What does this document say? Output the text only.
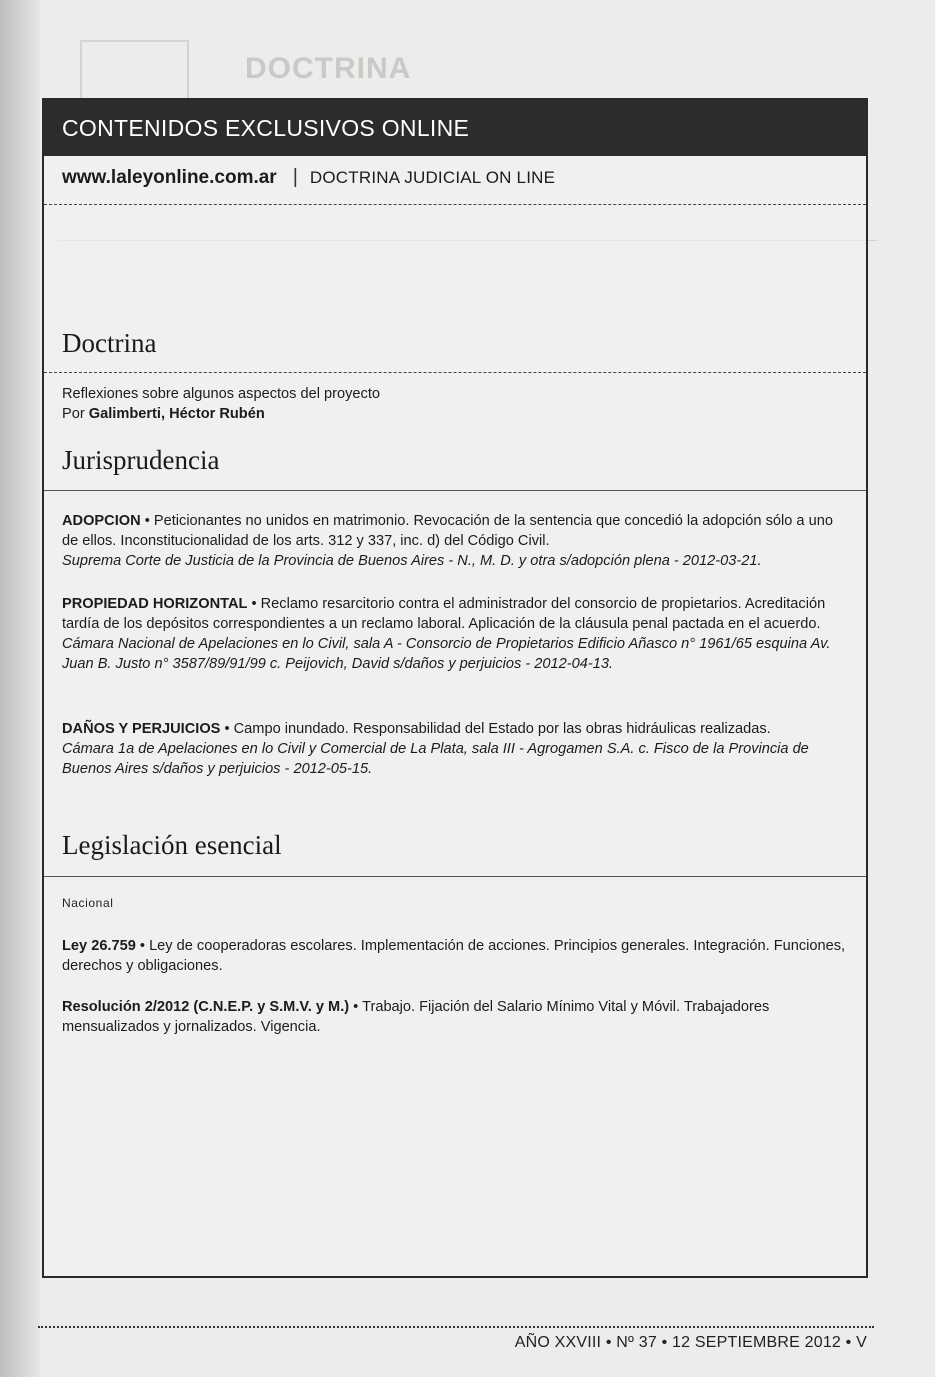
DOCTRINA
CONTENIDOS EXCLUSIVOS ONLINE
www.laleyonline.com.ar | DOCTRINA JUDICIAL ON LINE
Doctrina
Reflexiones sobre algunos aspectos del proyecto
Por Galimberti, Héctor Rubén
Jurisprudencia
ADOPCION • Peticionantes no unidos en matrimonio. Revocación de la sentencia que concedió la adopción sólo a uno de ellos. Inconstitucionalidad de los arts. 312 y 337, inc. d) del Código Civil.
Suprema Corte de Justicia de la Provincia de Buenos Aires - N., M. D. y otra s/adopción plena - 2012-03-21.
PROPIEDAD HORIZONTAL • Reclamo resarcitorio contra el administrador del consorcio de propietarios. Acreditación tardía de los depósitos correspondientes a un reclamo laboral. Aplicación de la cláusula penal pactada en el acuerdo.
Cámara Nacional de Apelaciones en lo Civil, sala A - Consorcio de Propietarios Edificio Añasco n° 1961/65 esquina Av. Juan B. Justo n° 3587/89/91/99 c. Peijovich, David s/daños y perjuicios - 2012-04-13.
DAÑOS Y PERJUICIOS • Campo inundado. Responsabilidad del Estado por las obras hidráulicas realizadas.
Cámara 1a de Apelaciones en lo Civil y Comercial de La Plata, sala III - Agrogamen S.A. c. Fisco de la Provincia de Buenos Aires s/daños y perjuicios - 2012-05-15.
Legislación esencial
Nacional
Ley 26.759 • Ley de cooperadoras escolares. Implementación de acciones. Principios generales. Integración. Funciones, derechos y obligaciones.
Resolución 2/2012 (C.N.E.P. y S.M.V. y M.) • Trabajo. Fijación del Salario Mínimo Vital y Móvil. Trabajadores mensualizados y jornalizados. Vigencia.
AÑO XXVIII • Nº 37 • 12 SEPTIEMBRE 2012 • V
